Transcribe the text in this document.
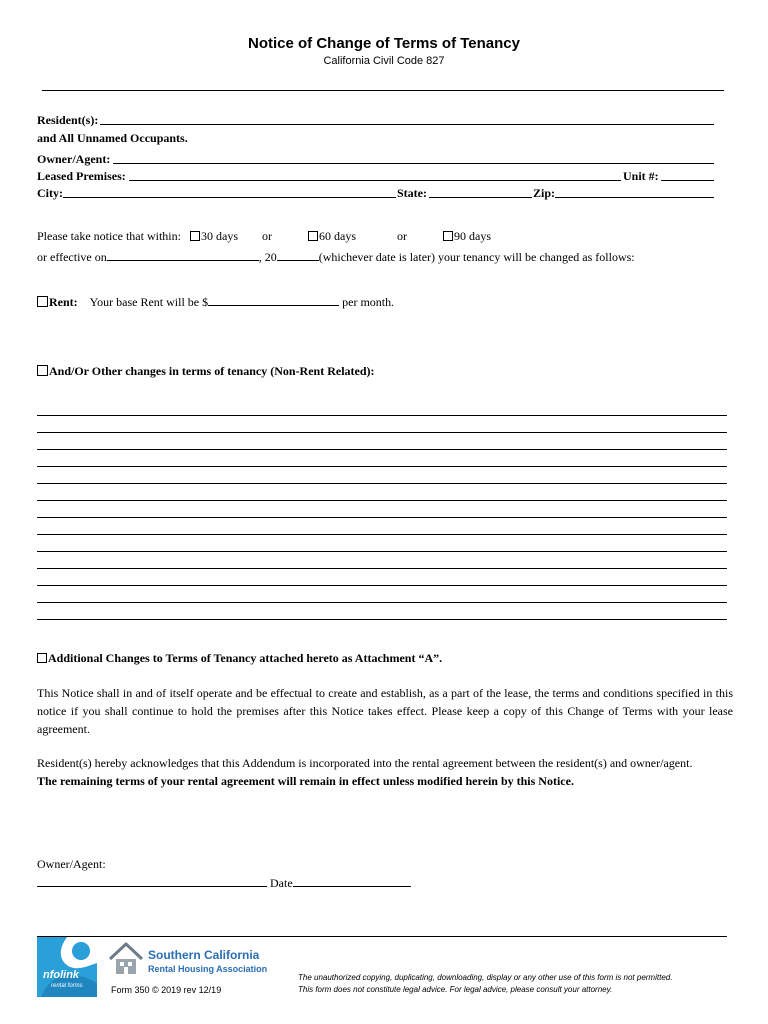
Notice of Change of Terms of Tenancy
California Civil Code 827
Resident(s):
and All Unnamed Occupants.
Owner/Agent:
Leased Premises:	Unit #:
City:	State:	Zip:
Please take notice that within:	30 days or	60 days	or	90 days
or effective on	, 20	(whichever date is later) your tenancy will be changed as follows:
Rent: Your base Rent will be $	per month.
And/Or Other changes in terms of tenancy (Non-Rent Related):
Additional Changes to Terms of Tenancy attached hereto as Attachment “A”.
This Notice shall in and of itself operate and be effectual to create and establish, as a part of the lease, the terms and conditions specified in this notice if you shall continue to hold the premises after this Notice takes effect. Please keep a copy of this Change of Terms with your lease agreement.
Resident(s) hereby acknowledges that this Addendum is incorporated into the rental agreement between the resident(s) and owner/agent.
The remaining terms of your rental agreement will remain in effect unless modified herein by this Notice.
Owner/Agent:
Date
nfolink
rental forms
Southern California
Rental Housing Association
Form 350 © 2019 rev 12/19
The unauthorized copying, duplicating, downloading, display or any other use of this form is not permitted.
This form does not constitute legal advice. For legal advice, please consult your attorney.
